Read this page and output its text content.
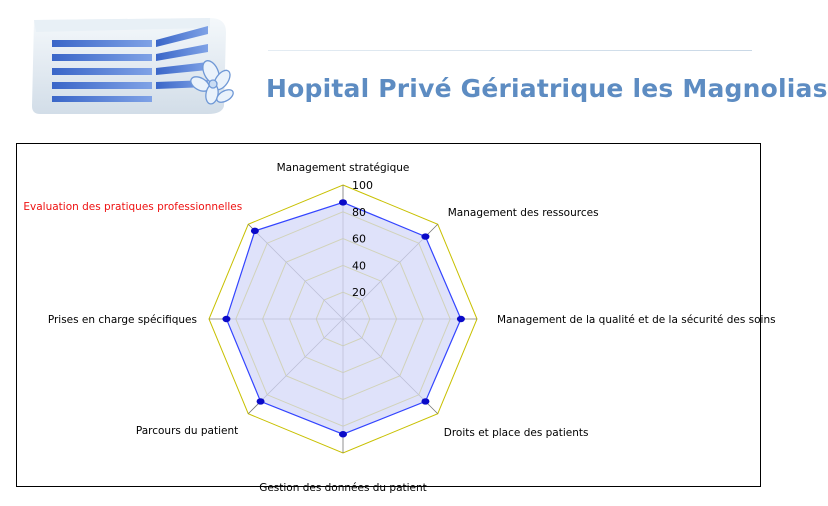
Hopital Privé Gériatrique les Magnolias
20
40
60
80
100
Management stratégique
Management des ressources
Management de la qualité et de la sécurité des soins
Droits et place des patients
Gestion des données du patient
Parcours du patient
Prises en charge spécifiques
Evaluation des pratiques professionnelles
